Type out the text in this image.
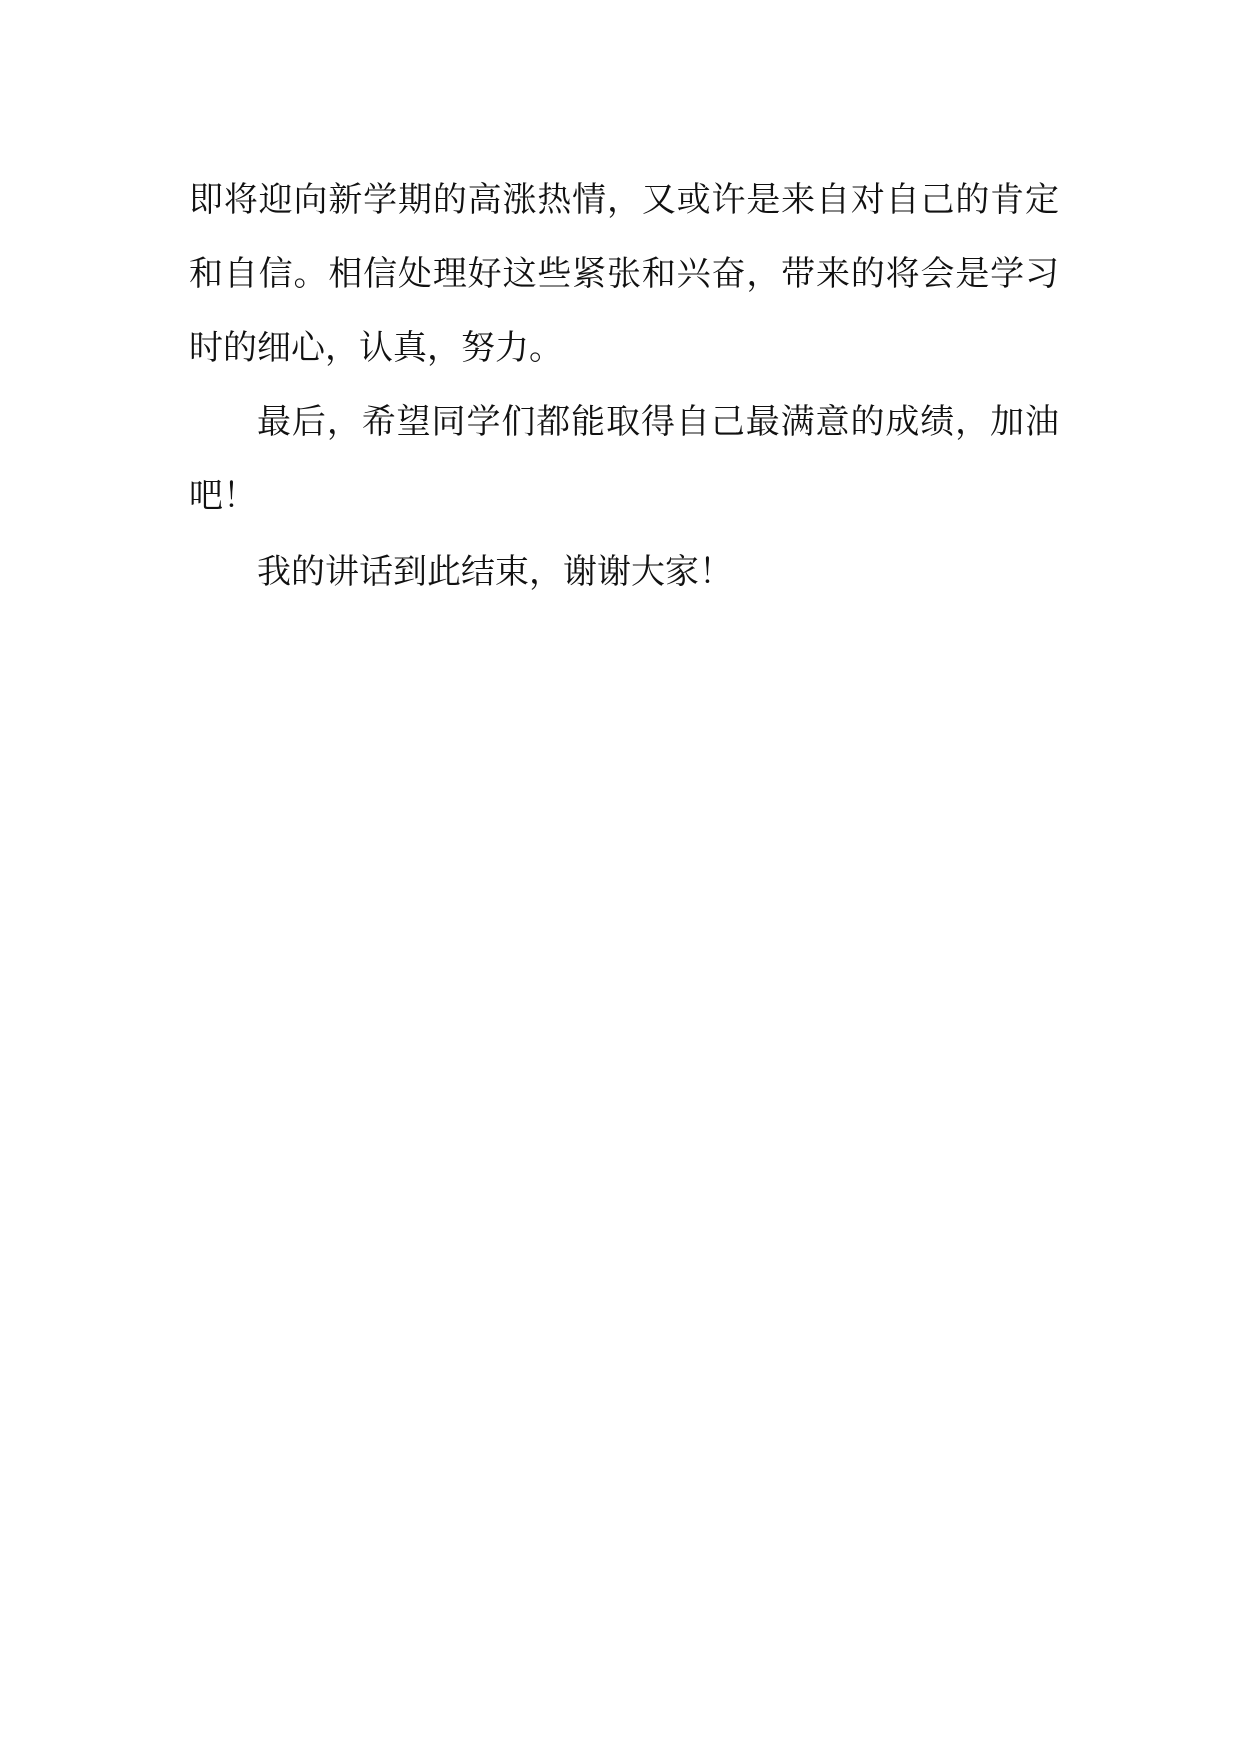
即将迎向新学期的高涨热情，又或许是来自对自己的肯定
和自信。相信处理好这些紧张和兴奋，带来的将会是学习
时的细心，认真，努力。
最后，希望同学们都能取得自己最满意的成绩，加油
吧！
我的讲话到此结束，谢谢大家！
